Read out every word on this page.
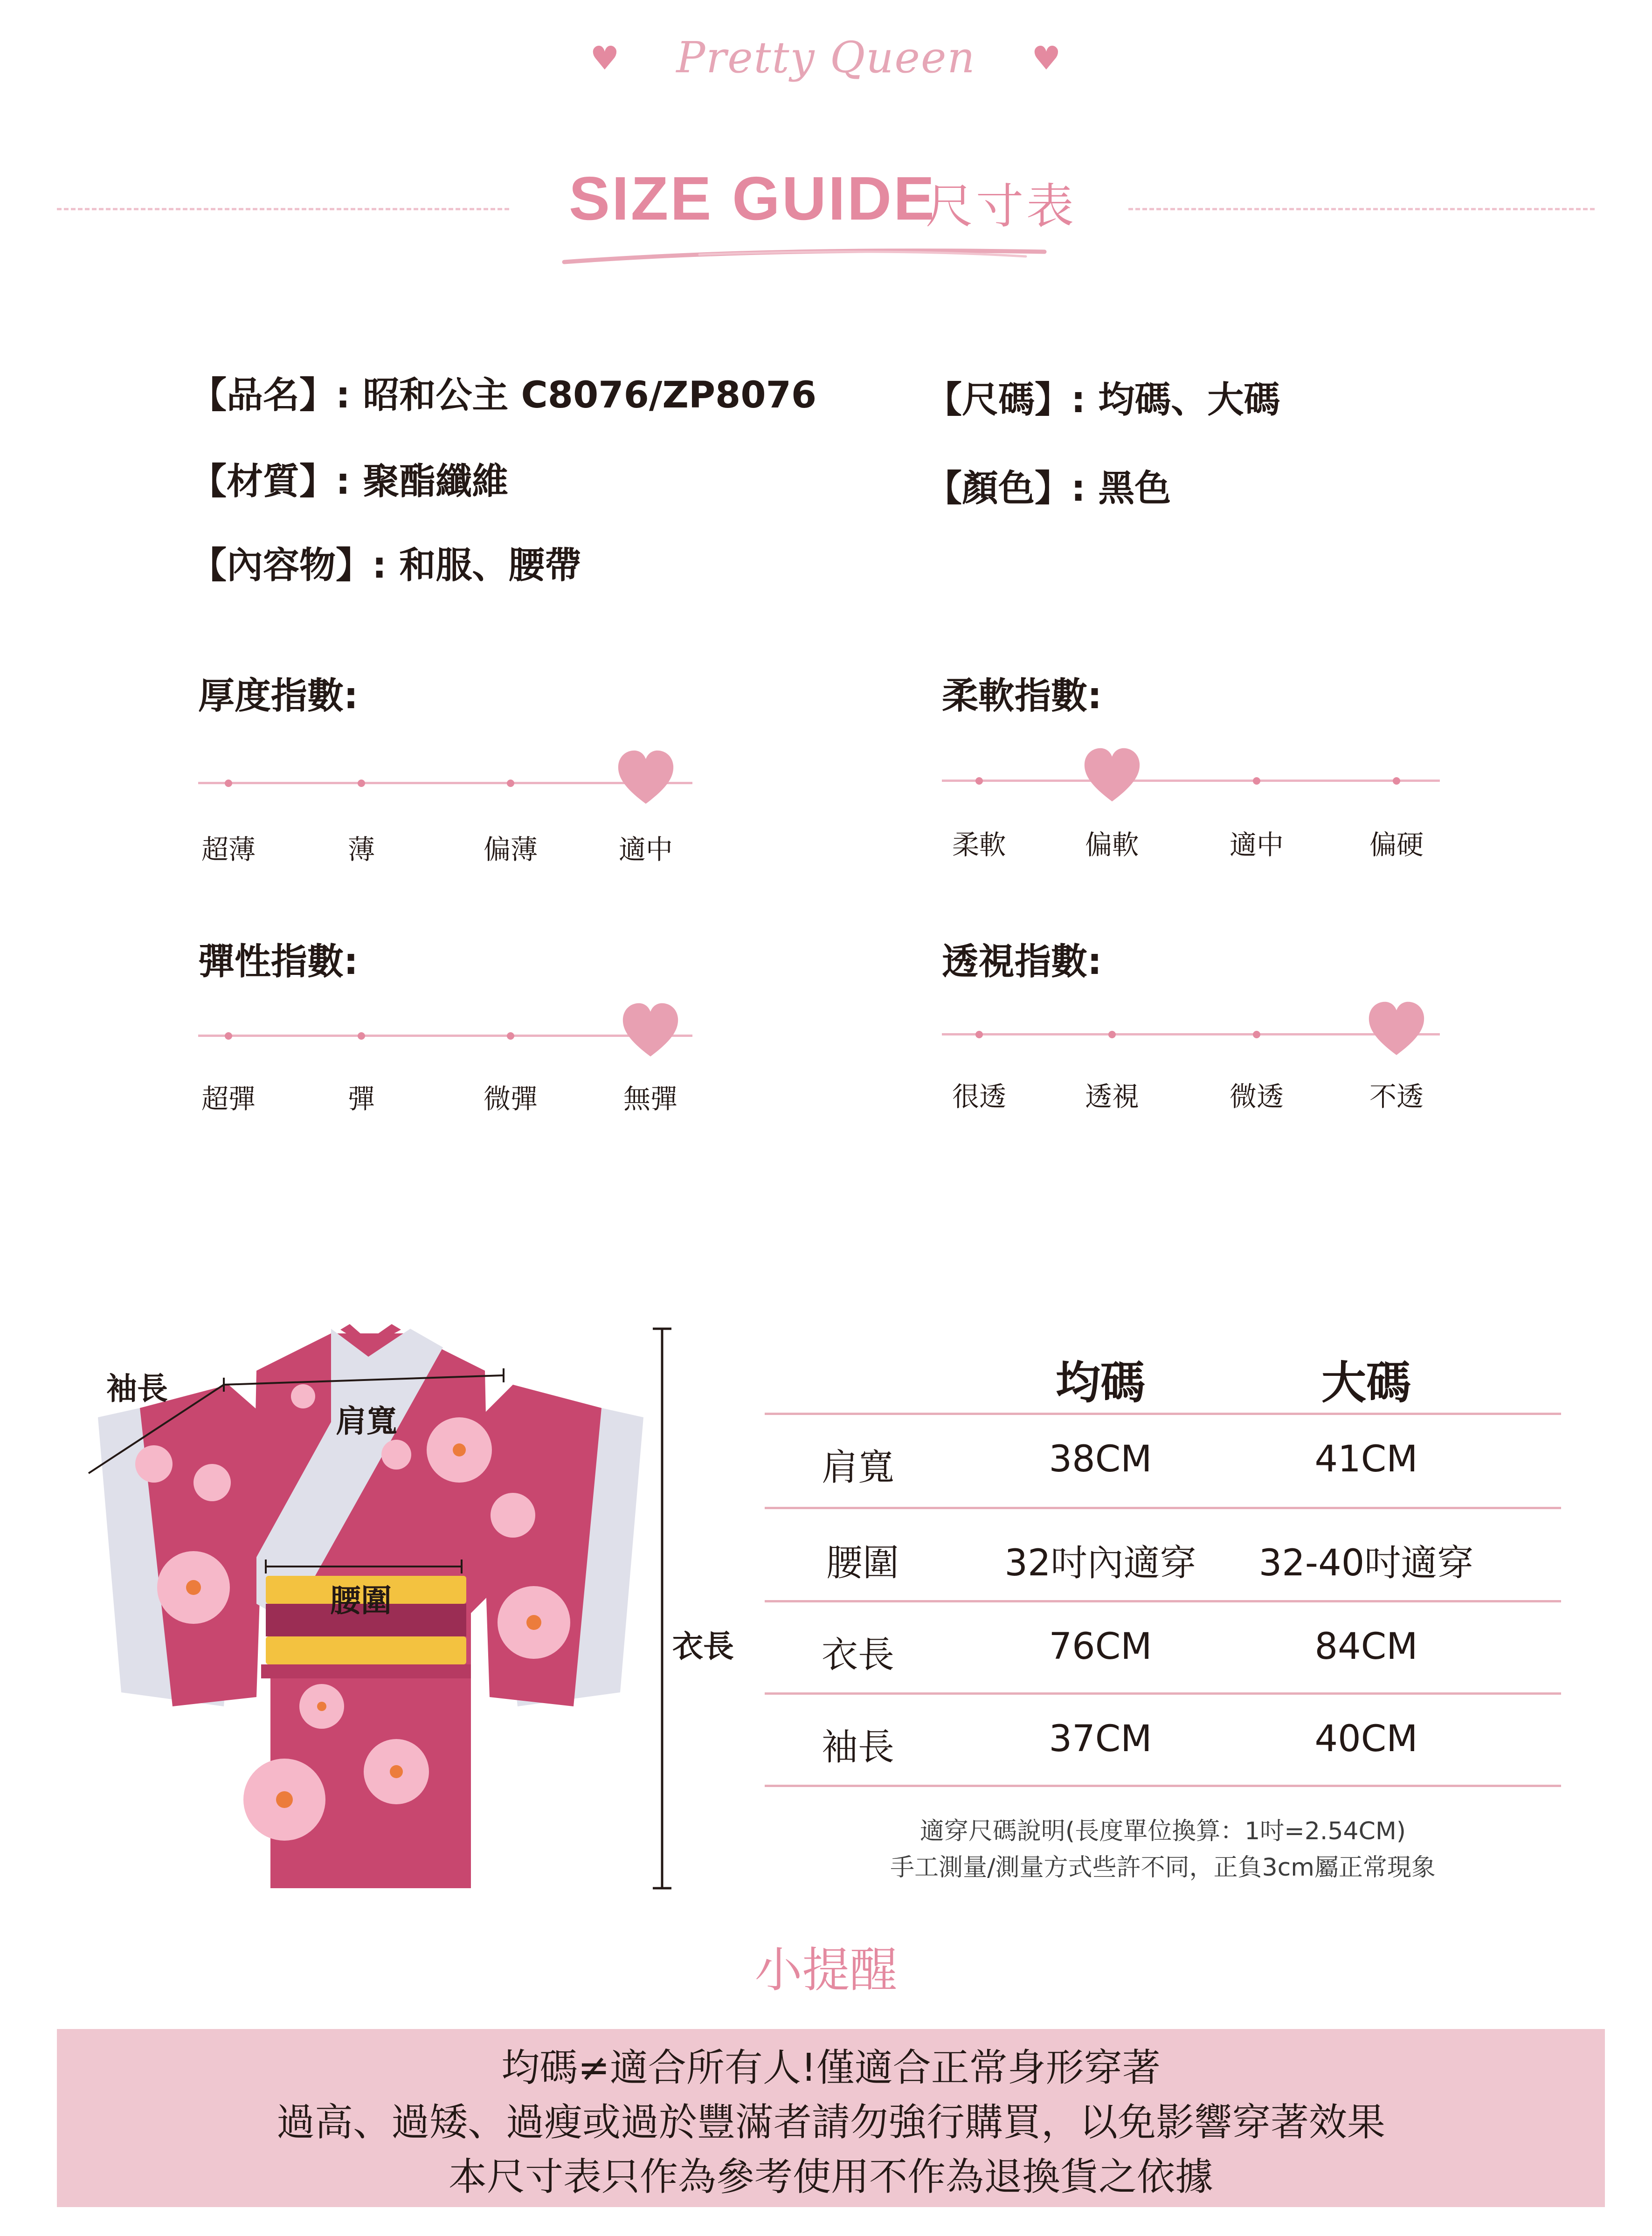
♥ Pretty Queen ♥
SIZE GUIDE
尺寸表
【品名】: 昭和公主 C8076/ZP8076
【材質】: 聚酯纖維
【內容物】: 和服、腰帶
【尺碼】: 均碼、大碼
【顏色】: 黑色
厚度指數:	柔軟指數:
彈性指數:	透視指數:
袖長
肩寬
腰圍
衣長
均碼	大碼
肩寬	38CM	41CM
腰圍	32吋內適穿	32-40吋適穿
衣長	76CM	84CM
袖長	37CM	40CM
適穿尺碼說明(長度單位換算：1吋=2.54CM)
手工測量/測量方式些許不同，正負3cm屬正常現象
小提醒
均碼≠適合所有人!僅適合正常身形穿著
過高、過矮、過瘦或過於豐滿者請勿強行購買，以免影響穿著效果
本尺寸表只作為參考使用不作為退換貨之依據
超薄	薄	偏薄	適中	柔軟	偏軟	適中	偏硬
超彈	彈	微彈	無彈	很透	透視	微透	不透
